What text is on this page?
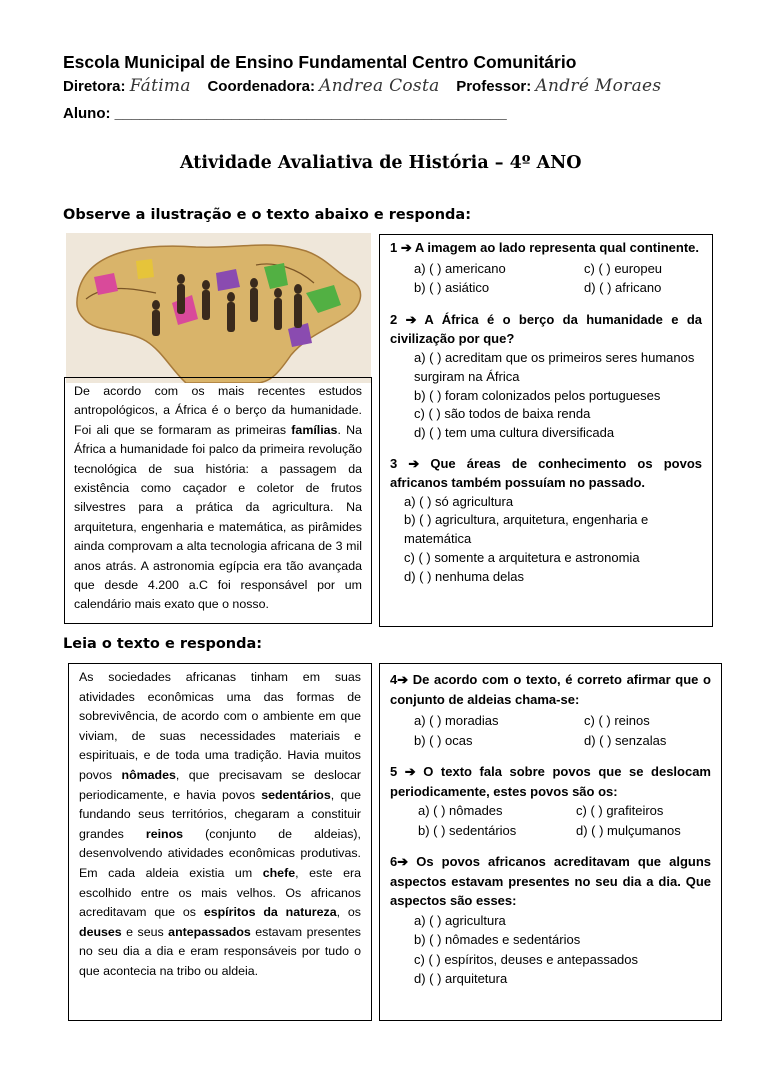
Escola Municipal de Ensino Fundamental Centro Comunitário
Diretora: Fátima Coordenadora: Andrea Costa Professor: André Moraes
Aluno: _______________________________________________
Atividade Avaliativa de História – 4º ANO
Observe a ilustração e o texto abaixo e responda:
De acordo com os mais recentes estudos antropológicos, a África é o berço da humanidade. Foi ali que se formaram as primeiras famílias. Na África a humanidade foi palco da primeira revolução tecnológica de sua história: a passagem da existência como caçador e coletor de frutos silvestres para a prática da agricultura. Na arquitetura, engenharia e matemática, as pirâmides ainda comprovam a alta tecnologia africana de 3 mil anos atrás. A astronomia egípcia era tão avançada que desde 4.200 a.C foi responsável por um calendário mais exato que o nosso.
1 ➔ A imagem ao lado representa qual continente.
a) ( ) americano	c) ( ) europeu
b) ( ) asiático	d) ( ) africano
2 ➔ A África é o berço da humanidade e da civilização por que?
a) ( ) acreditam que os primeiros seres humanos surgiram na África
b) ( ) foram colonizados pelos portugueses
c) ( ) são todos de baixa renda
d) ( ) tem uma cultura diversificada
3 ➔ Que áreas de conhecimento os povos africanos também possuíam no passado.
a) ( ) só agricultura
b) ( ) agricultura, arquitetura, engenharia e matemática
c) ( ) somente a arquitetura e astronomia
d) ( ) nenhuma delas
Leia o texto e responda:
As sociedades africanas tinham em suas atividades econômicas uma das formas de sobrevivência, de acordo com o ambiente em que viviam, de suas necessidades materiais e espirituais, e de toda uma tradição. Havia muitos povos nômades, que precisavam se deslocar periodicamente, e havia povos sedentários, que fundando seus territórios, chegaram a constituir grandes reinos (conjunto de aldeias), desenvolvendo atividades econômicas produtivas. Em cada aldeia existia um chefe, este era escolhido entre os mais velhos. Os africanos acreditavam que os espíritos da natureza, os deuses e seus antepassados estavam presentes no seu dia a dia e eram responsáveis por tudo o que acontecia na tribo ou aldeia.
4➔ De acordo com o texto, é correto afirmar que o conjunto de aldeias chama-se:
a) ( ) moradias	c) ( ) reinos
b) ( ) ocas	d) ( ) senzalas
5 ➔ O texto fala sobre povos que se deslocam periodicamente, estes povos são os:
a) ( ) nômades	c) ( ) grafiteiros
b) ( ) sedentários	d) ( ) mulçumanos
6➔ Os povos africanos acreditavam que alguns aspectos estavam presentes no seu dia a dia. Que aspectos são esses:
a) ( ) agricultura
b) ( ) nômades e sedentários
c) ( ) espíritos, deuses e antepassados
d) ( ) arquitetura
